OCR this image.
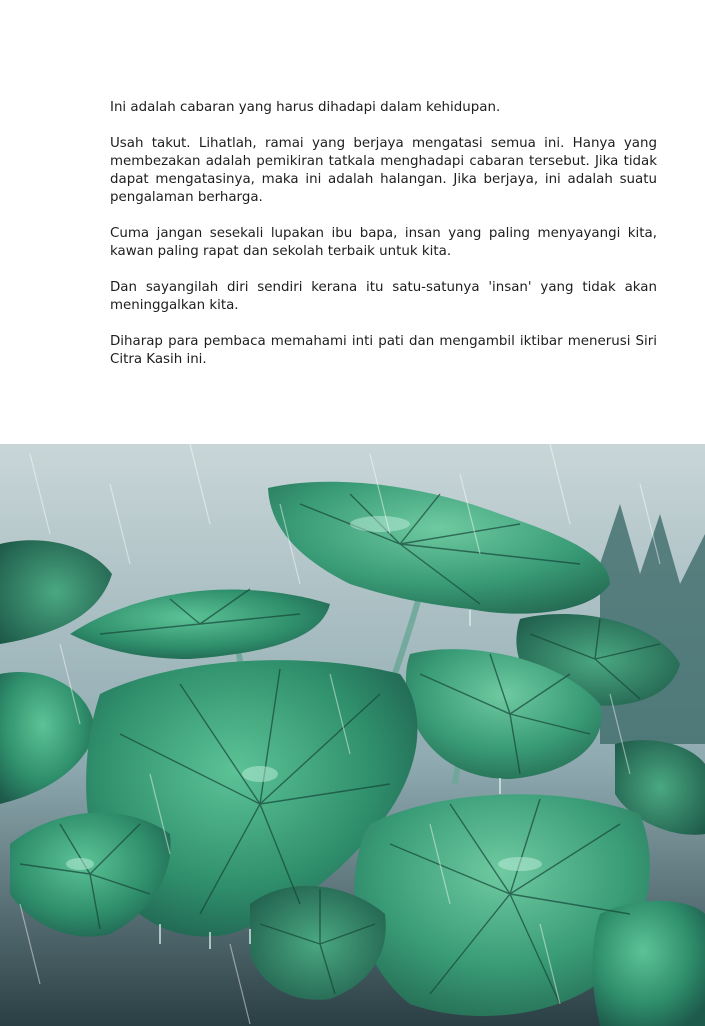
Ini adalah cabaran yang harus dihadapi dalam kehidupan.

Usah takut. Lihatlah, ramai yang berjaya mengatasi semua ini. Hanya yang membezakan adalah pemikiran tatkala menghadapi cabaran tersebut. Jika tidak dapat mengatasinya, maka ini adalah halangan. Jika berjaya, ini adalah suatu pengalaman berharga.

Cuma jangan sesekali lupakan ibu bapa, insan yang paling menyayangi kita, kawan paling rapat dan sekolah terbaik untuk kita.

Dan sayangilah diri sendiri kerana itu satu-satunya 'insan' yang tidak akan meninggalkan kita.

Diharap para pembaca memahami inti pati dan mengambil iktibar menerusi Siri Citra Kasih ini.
